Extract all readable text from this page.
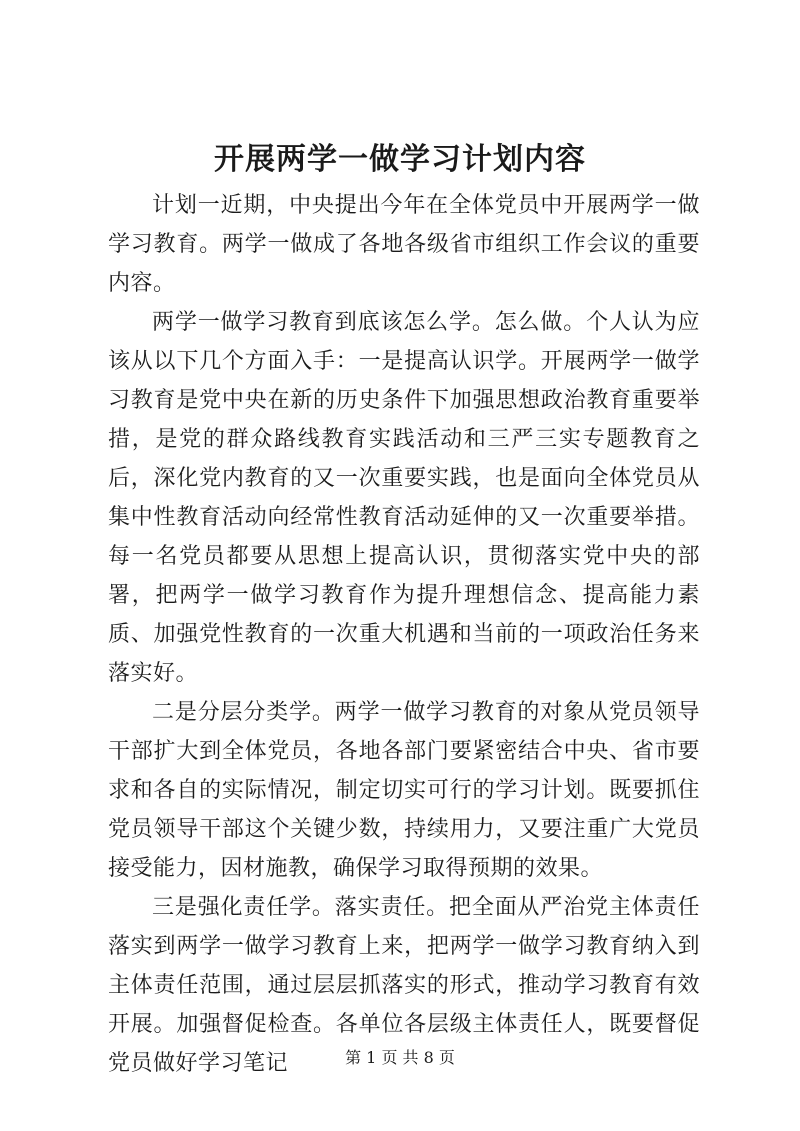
开展两学一做学习计划内容

计划一近期，中央提出今年在全体党员中开展两学一做学习教育。两学一做成了各地各级省市组织工作会议的重要内容。

两学一做学习教育到底该怎么学。怎么做。个人认为应该从以下几个方面入手：一是提高认识学。开展两学一做学习教育是党中央在新的历史条件下加强思想政治教育重要举措，是党的群众路线教育实践活动和三严三实专题教育之后，深化党内教育的又一次重要实践，也是面向全体党员从集中性教育活动向经常性教育活动延伸的又一次重要举措。每一名党员都要从思想上提高认识，贯彻落实党中央的部署，把两学一做学习教育作为提升理想信念、提高能力素质、加强党性教育的一次重大机遇和当前的一项政治任务来落实好。

二是分层分类学。两学一做学习教育的对象从党员领导干部扩大到全体党员，各地各部门要紧密结合中央、省市要求和各自的实际情况，制定切实可行的学习计划。既要抓住党员领导干部这个关键少数，持续用力，又要注重广大党员接受能力，因材施教，确保学习取得预期的效果。

三是强化责任学。落实责任。把全面从严治党主体责任落实到两学一做学习教育上来，把两学一做学习教育纳入到主体责任范围，通过层层抓落实的形式，推动学习教育有效开展。加强督促检查。各单位各层级主体责任人，既要督促党员做好学习笔记	第 1 页 共 8 页
